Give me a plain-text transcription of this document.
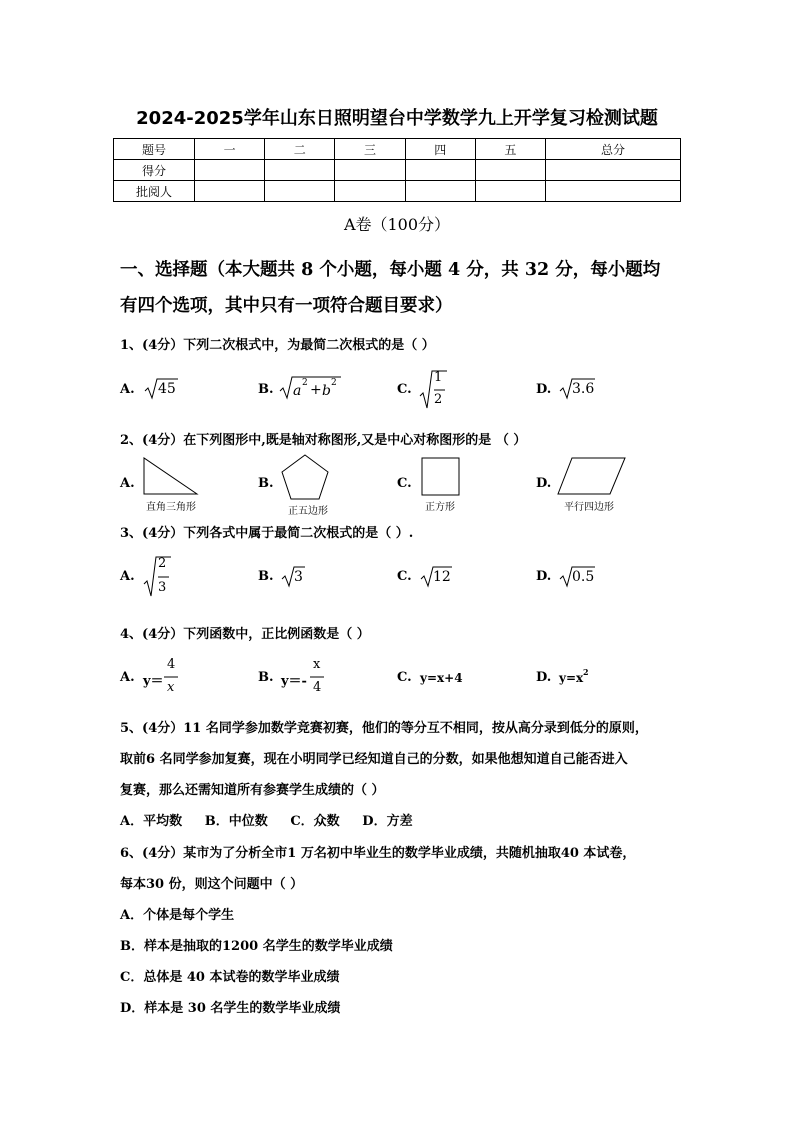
2024-2025学年山东日照明望台中学数学九上开学复习检测试题
题号	一	二	三	四	五	总分
得分						
批阅人						
A卷（100分）
一、选择题（本大题共 8 个小题，每小题 4 分，共 32 分，每小题均
有四个选项，其中只有一项符合题目要求）
1、(4分）下列二次根式中，为最简二次根式的是（ ）
A. 45	B. a 2 + b 2	C.
1
2
D. 3.6
2、(4分）在下列图形中,既是轴对称图形,又是中心对称图形的是 （ ）
A.
直角三角形
B.
正五边形
C.
正方形
D.
平行四边形
3、(4分）下列各式中属于最简二次根式的是（ ）.
A.
2
3
B. 3	C. 12	D. 0.5
4、(4分）下列函数中，正比例函数是（ ）
A. y＝
4
x
B. y＝-
x
4
C. y=x+4	D. y=x 2
5、(4分）11 名同学参加数学竞赛初赛，他们的等分互不相同，按从高分录到低分的原则，
取前6 名同学参加复赛，现在小明同学已经知道自己的分数，如果他想知道自己能否进入
复赛，那么还需知道所有参赛学生成绩的（ ）
A．平均数     B．中位数     C．众数     D．方差
6、(4分）某市为了分析全市1 万名初中毕业生的数学毕业成绩，共随机抽取40 本试卷，
每本30 份，则这个问题中（ ）
A．个体是每个学生
B．样本是抽取的1200 名学生的数学毕业成绩
C．总体是 40 本试卷的数学毕业成绩
D．样本是 30 名学生的数学毕业成绩
